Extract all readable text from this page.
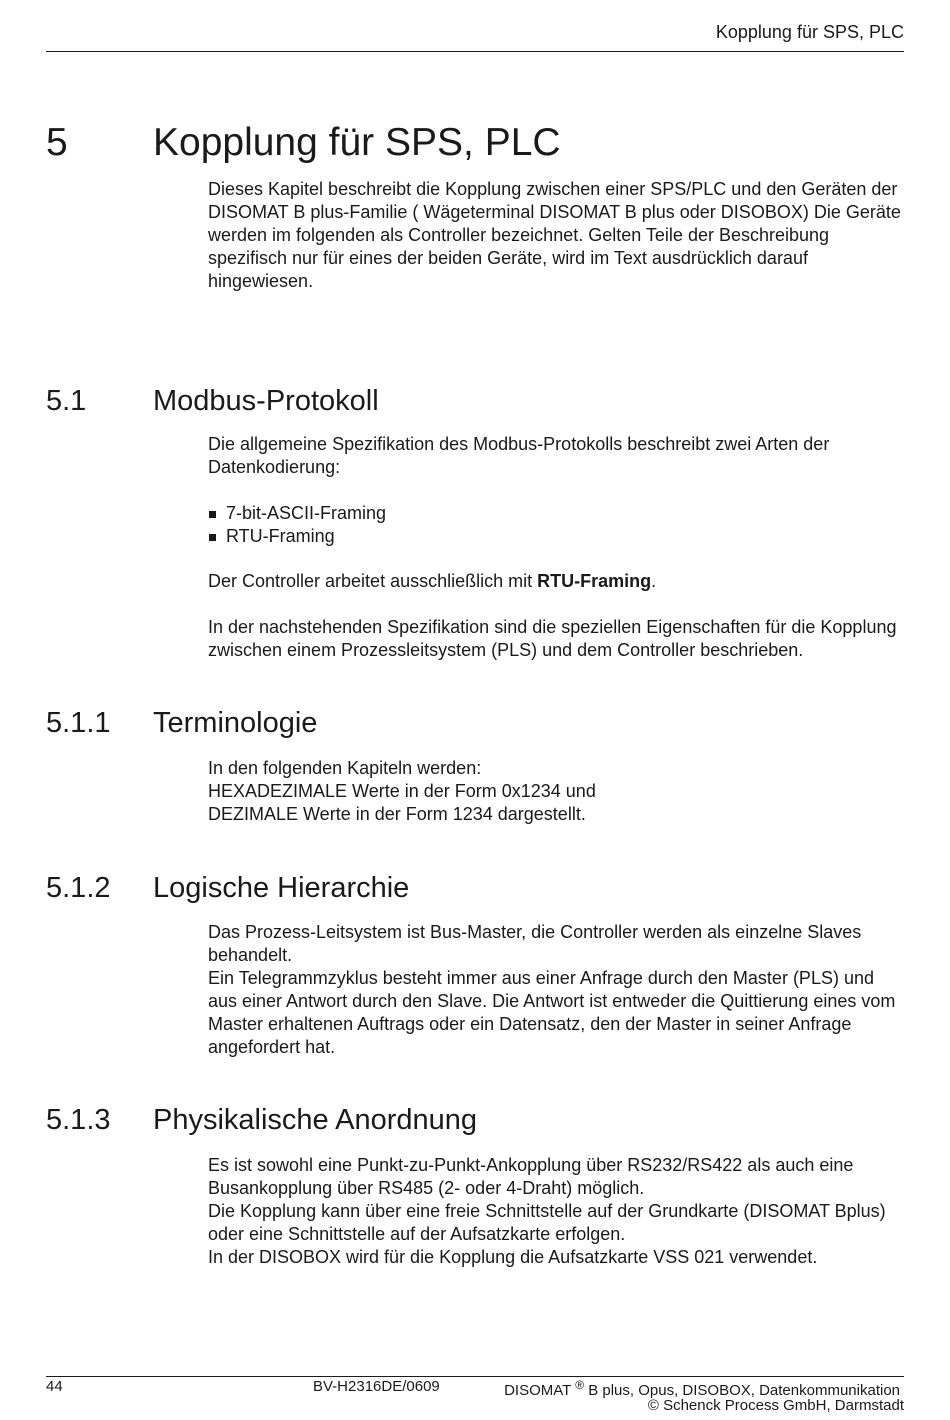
Kopplung für SPS, PLC
5 Kopplung für SPS, PLC

Dieses Kapitel beschreibt die Kopplung zwischen einer SPS/PLC und den Geräten der DISOMAT B plus-Familie ( Wägeterminal DISOMAT B plus oder DISOBOX) Die Geräte werden im folgenden als Controller bezeichnet. Gelten Teile der Beschreibung spezifisch nur für eines der beiden Geräte, wird im Text ausdrücklich darauf hingewiesen.

5.1 Modbus-Protokoll

Die allgemeine Spezifikation des Modbus-Protokolls beschreibt zwei Arten der Datenkodierung:

7-bit-ASCII-Framing
RTU-Framing

Der Controller arbeitet ausschließlich mit RTU-Framing.

In der nachstehenden Spezifikation sind die speziellen Eigenschaften für die Kopplung zwischen einem Prozessleitsystem (PLS) und dem Controller beschrieben.

5.1.1 Terminologie

In den folgenden Kapiteln werden:

HEXADEZIMALE Werte in der Form 0x1234 und

DEZIMALE Werte in der Form 1234 dargestellt.

5.1.2 Logische Hierarchie

Das Prozess-Leitsystem ist Bus-Master, die Controller werden als einzelne Slaves behandelt.

Ein Telegrammzyklus besteht immer aus einer Anfrage durch den Master (PLS) und aus einer Antwort durch den Slave. Die Antwort ist entweder die Quittierung eines vom Master erhaltenen Auftrags oder ein Datensatz, den der Master in seiner Anfrage angefordert hat.

5.1.3 Physikalische Anordnung

Es ist sowohl eine Punkt-zu-Punkt-Ankopplung über RS232/RS422 als auch eine Busankopplung über RS485 (2- oder 4-Draht) möglich.

Die Kopplung kann über eine freie Schnittstelle auf der Grundkarte (DISOMAT Bplus) oder eine Schnittstelle auf der Aufsatzkarte erfolgen.

In der DISOBOX wird für die Kopplung die Aufsatzkarte VSS 021 verwendet.

44	BV-H2316DE/0609	DISOMAT ® B plus, Opus, DISOBOX, Datenkommunikation
© Schenck Process GmbH, Darmstadt
